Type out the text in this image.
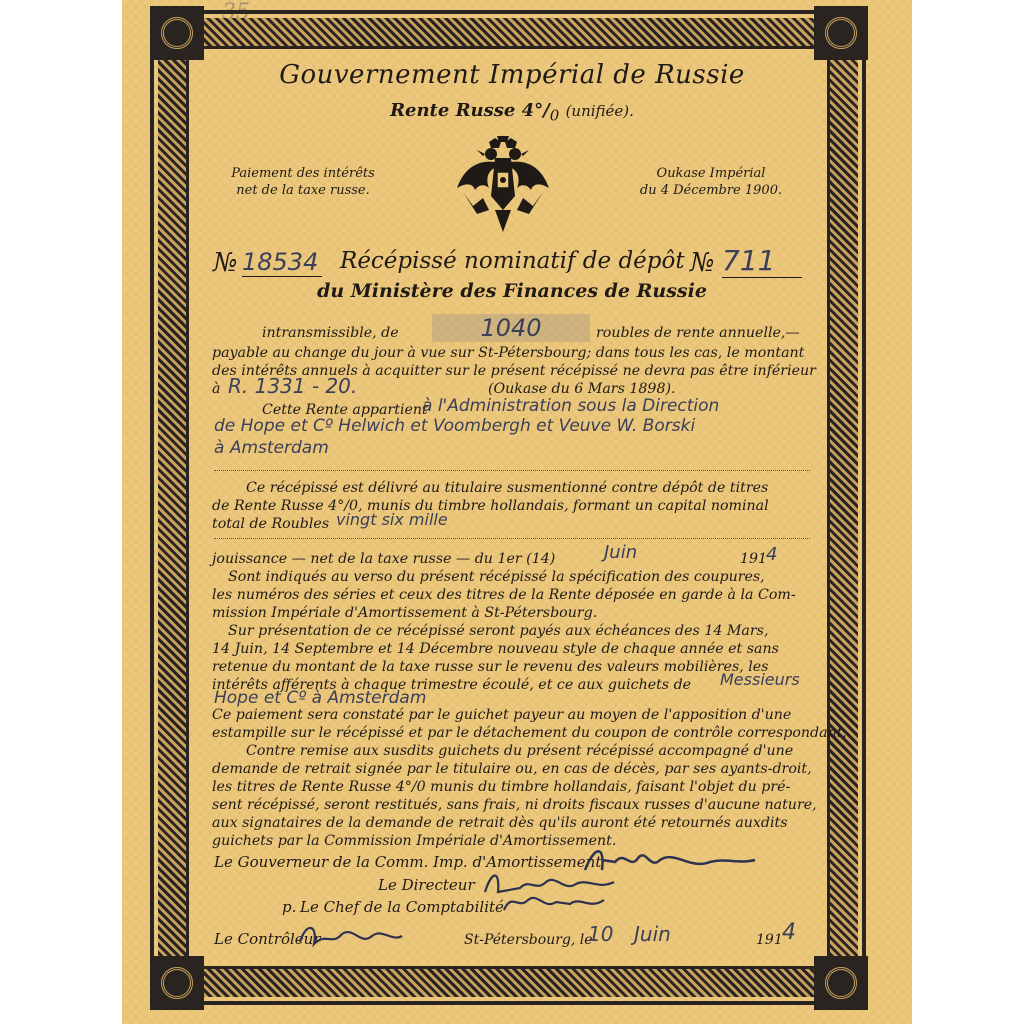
35
Gouvernement Impérial de Russie
Rente Russe $4^\circ/_0$ (unifiée).
Paiement des intérêts
net de la taxe russe.
Oukase Impérial
du 4 Décembre 1900.
№ 18534 Récépissé nominatif de dépôt № 711
du Ministère des Finances de Russie
intransmissible, de	1040	roubles de rente annuelle,—
payable au change du jour à vue sur St-Pétersbourg; dans tous les cas, le montant
des intérêts annuels à acquitter sur le présent récépissé ne devra pas être inférieur
à R. 1331 - 20.	(Oukase du 6 Mars 1898).
Cette Rente appartient
à l'Administration sous la Direction
de Hope et Cº Helwich et Voombergh et Veuve W. Borski
à Amsterdam
Ce récépissé est délivré au titulaire susmentionné contre dépôt de titres
de Rente Russe 4°/0, munis du timbre hollandais, formant un capital nominal
total de Roubles vingt six mille
jouissance — net de la taxe russe — du 1er (14)	Juin	191
4
Sont indiqués au verso du présent récépissé la spécification des coupures,
les numéros des séries et ceux des titres de la Rente déposée en garde à la Com-
mission Impériale d'Amortissement à St-Pétersbourg.
Sur présentation de ce récépissé seront payés aux échéances des 14 Mars,
14 Juin, 14 Septembre et 14 Décembre nouveau style de chaque année et sans
retenue du montant de la taxe russe sur le revenu des valeurs mobilières, les
intérêts afférents à chaque trimestre écoulé, et ce aux guichets de	Messieurs
Hope et Cº à Amsterdam
Ce paiement sera constaté par le guichet payeur au moyen de l'apposition d'une
estampille sur le récépissé et par le détachement du coupon de contrôle correspondant.
Contre remise aux susdits guichets du présent récépissé accompagné d'une
demande de retrait signée par le titulaire ou, en cas de décès, par ses ayants-droit,
les titres de Rente Russe 4°/0 munis du timbre hollandais, faisant l'objet du pré-
sent récépissé, seront restitués, sans frais, ni droits fiscaux russes d'aucune nature,
aux signataires de la demande de retrait dès qu'ils auront été retournés auxdits
guichets par la Commission Impériale d'Amortissement.
Le Gouverneur de la Comm. Imp. d'Amortissement
Le Directeur
p. Le Chef de la Comptabilité
Le Contrôleur	St-Pétersbourg, le
10 Juin	191 4
